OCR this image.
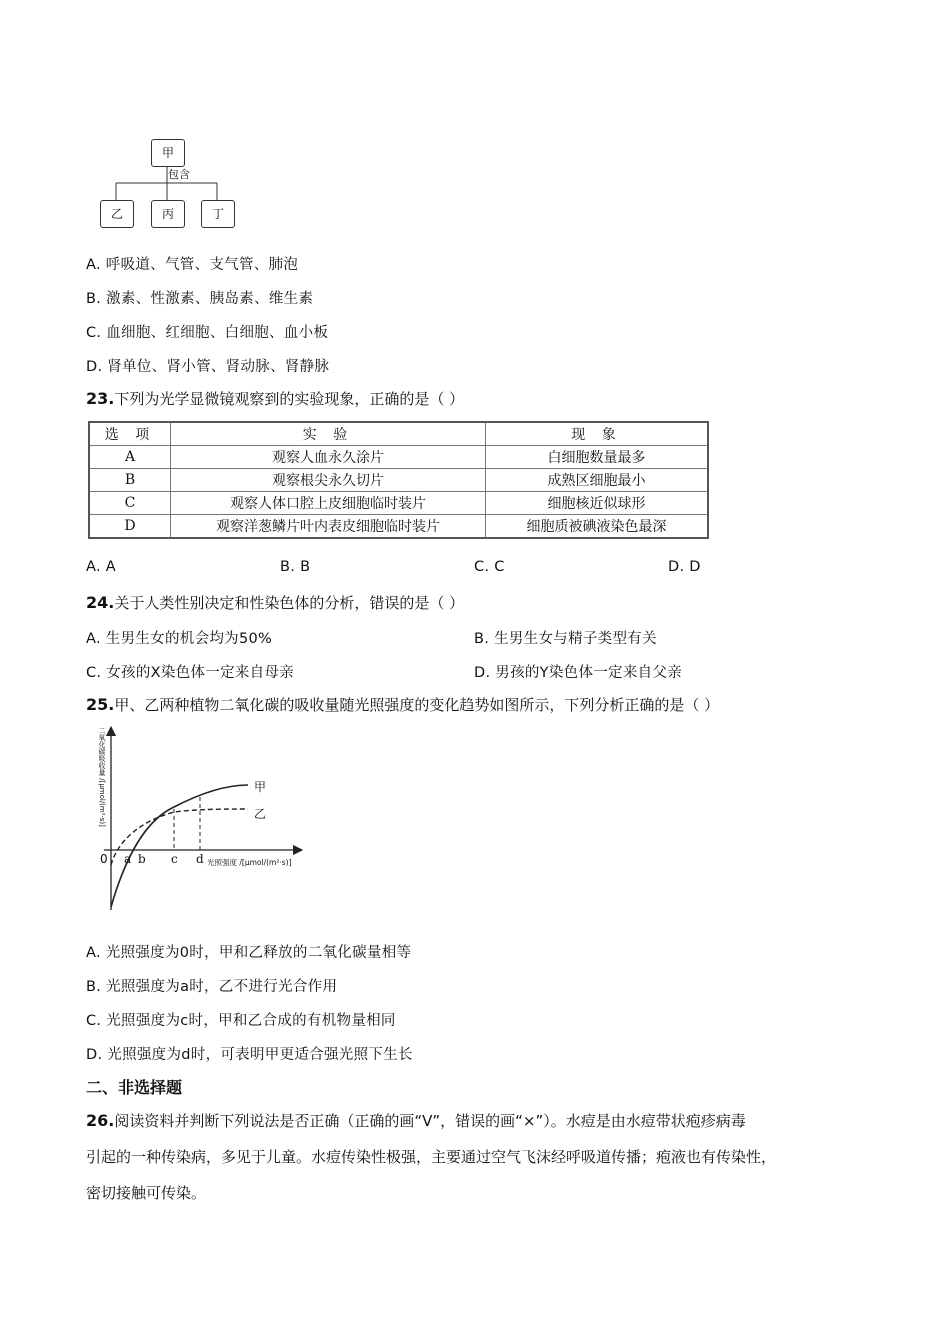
甲
包含
乙	丙	丁
A. 呼吸道、气管、支气管、肺泡
B. 激素、性激素、胰岛素、维生素
C. 血细胞、红细胞、白细胞、血小板
D. 肾单位、肾小管、肾动脉、肾静脉
23.下列为光学显微镜观察到的实验现象，正确的是（ ）
选 项	实 验	现 象
A	观察人血永久涂片	白细胞数量最多
B	观察根尖永久切片	成熟区细胞最小
C	观察人体口腔上皮细胞临时装片	细胞核近似球形
D	观察洋葱鳞片叶内表皮细胞临时装片	细胞质被碘液染色最深
A. A	B. B	C. C	D. D
24.关于人类性别决定和性染色体的分析，错误的是（ ）
A. 生男生女的机会均为50%	B. 生男生女与精子类型有关
C. 女孩的X染色体一定来自母亲	D. 男孩的Y染色体一定来自父亲
25.甲、乙两种植物二氧化碳的吸收量随光照强度的变化趋势如图所示，下列分析正确的是（ ）
二氧化碳吸收量 /[μmol/(m²·s)]
0 a b c d 光照强度 /[μmol/(m²·s)]
甲
乙
A. 光照强度为0时，甲和乙释放的二氧化碳量相等
B. 光照强度为a时，乙不进行光合作用
C. 光照强度为c时，甲和乙合成的有机物量相同
D. 光照强度为d时，可表明甲更适合强光照下生长
二、非选择题
26.阅读资料并判断下列说法是否正确（正确的画“V”，错误的画“×”）。水痘是由水痘带状疱疹病毒
引起的一种传染病，多见于儿童。水痘传染性极强，主要通过空气飞沫经呼吸道传播；疱液也有传染性，
密切接触可传染。
